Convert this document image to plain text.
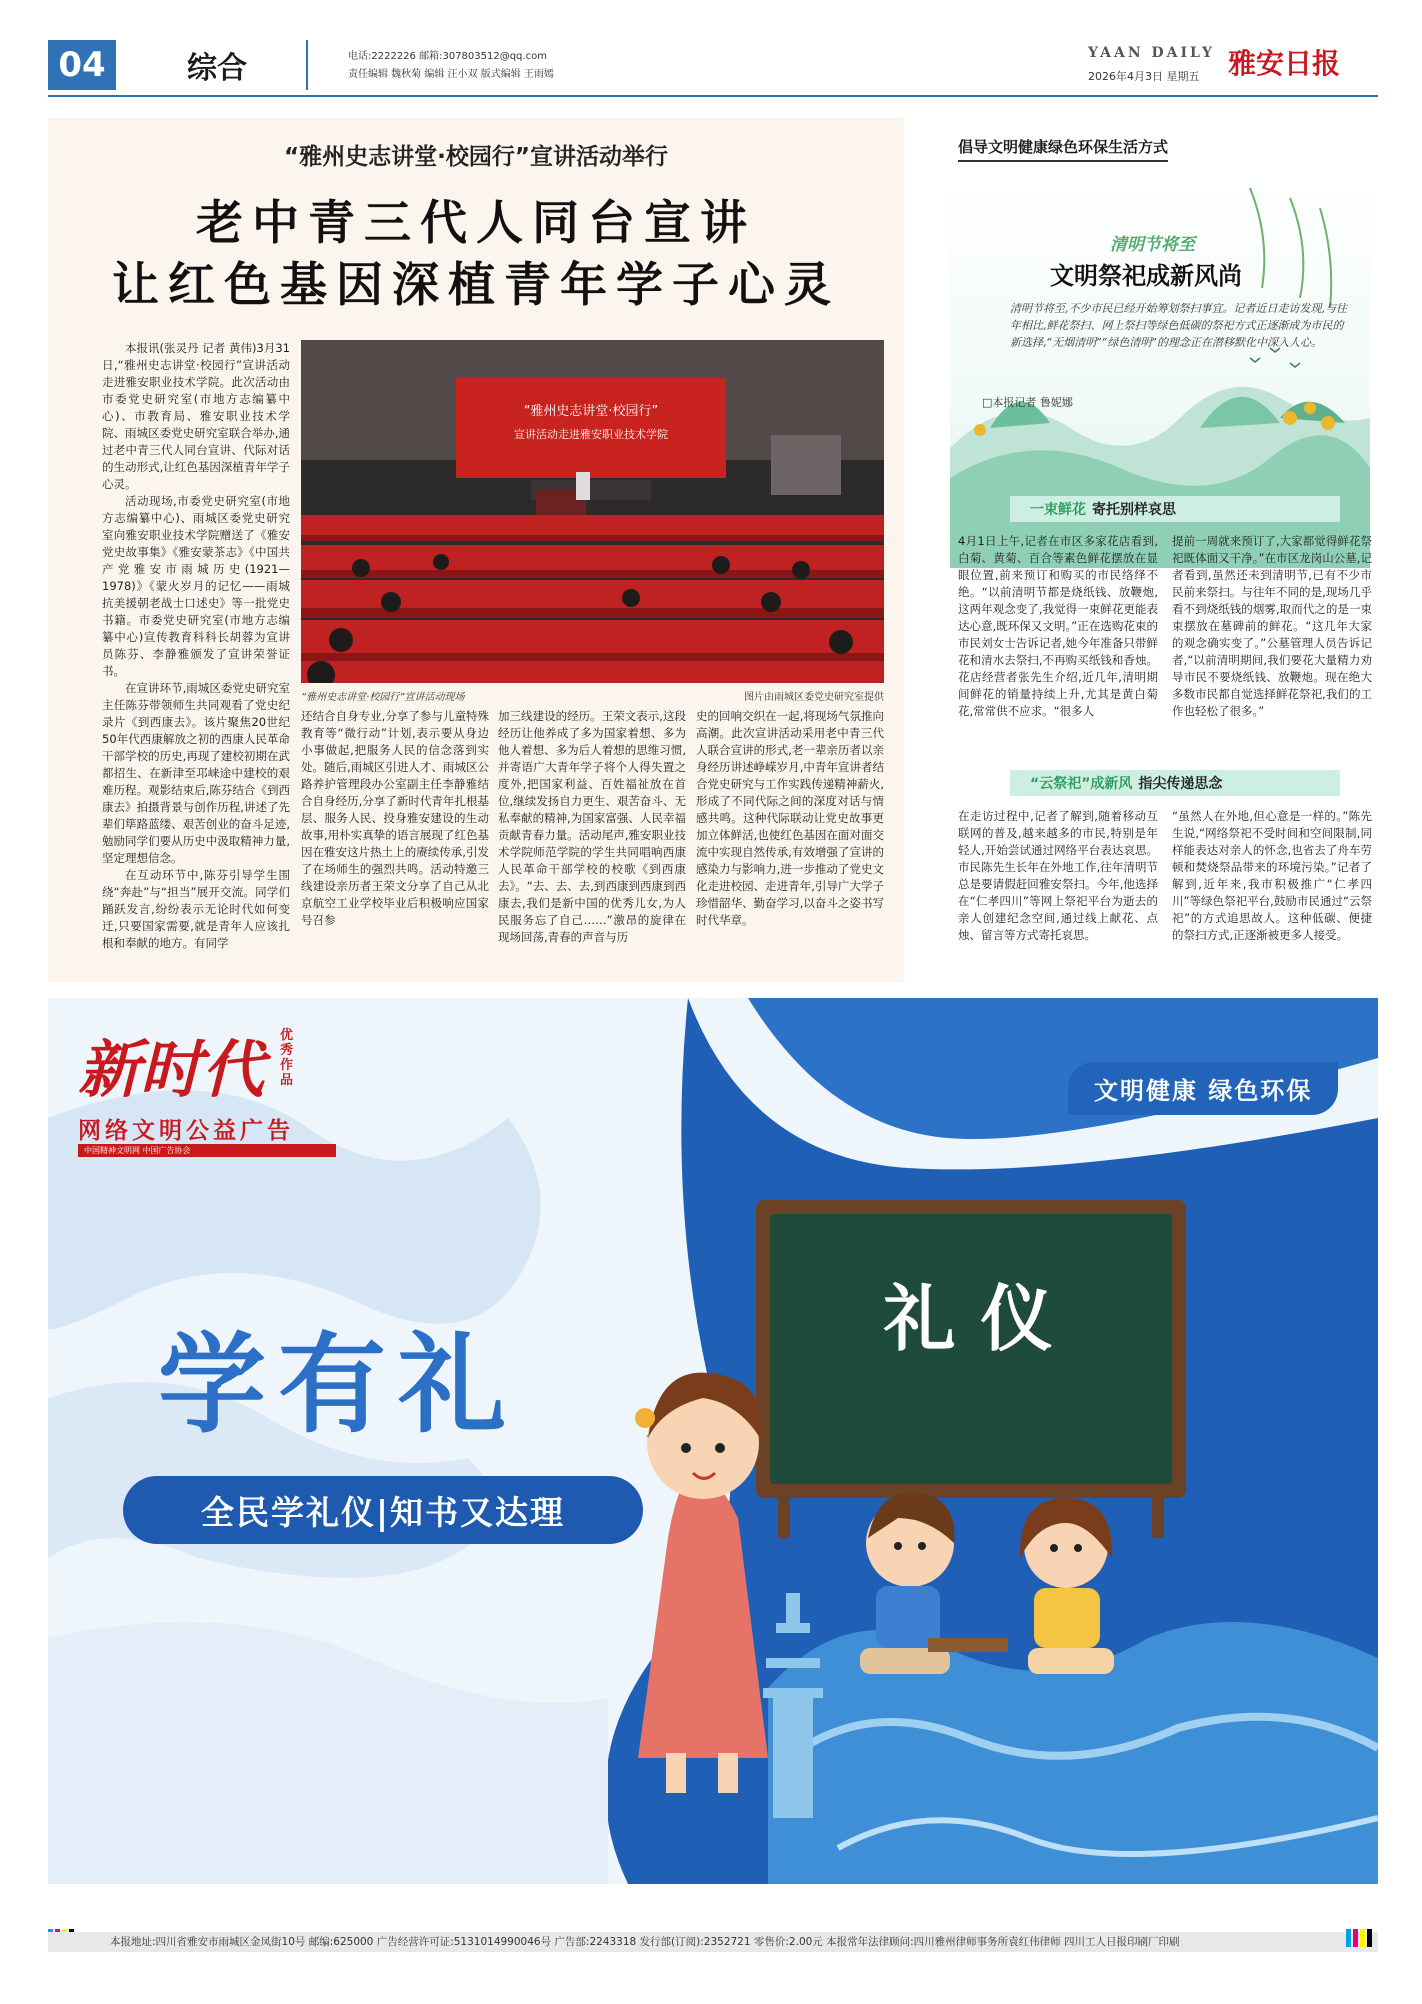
04	综合	电话:2222226 邮箱:307803512@qq.com
责任编辑 魏秋菊 编辑 汪小双 版式编辑 王雨嫣
YAAN DAILY
2026年4月3日 星期五 雅安日报
“雅州史志讲堂·校园行”宣讲活动举行
老中青三代人同台宣讲
让红色基因深植青年学子心灵
“雅州史志讲堂·校园行”
宣讲活动走进雅安职业技术学院
“雅州史志讲堂·校园行”宣讲活动现场	图片由雨城区委党史研究室提供

本报讯(张灵丹 记者 黄伟)3月31日,“雅州史志讲堂·校园行”宣讲活动走进雅安职业技术学院。此次活动由市委党史研究室(市地方志编纂中心)、市教育局、雅安职业技术学院、雨城区委党史研究室联合举办,通过老中青三代人同台宣讲、代际对话的生动形式,让红色基因深植青年学子心灵。

活动现场,市委党史研究室(市地方志编纂中心)、雨城区委党史研究室向雅安职业技术学院赠送了《雅安党史故事集》《雅安蒙茶志》《中国共产党雅安市雨城历史(1921—1978)》《蒙火岁月的记忆——雨城抗美援朝老战士口述史》等一批党史书籍。市委党史研究室(市地方志编纂中心)宣传教育科科长胡蓉为宣讲员陈芬、李静雅颁发了宣讲荣誉证书。

在宣讲环节,雨城区委党史研究室主任陈芬带领师生共同观看了党史纪录片《到西康去》。该片聚焦20世纪50年代西康解放之初的西康人民革命干部学校的历史,再现了建校初期在武都招生、在新津至邛崃途中建校的艰难历程。观影结束后,陈芬结合《到西康去》拍摄背景与创作历程,讲述了先辈们筚路蓝缕、艰苦创业的奋斗足迹,勉励同学们要从历史中汲取精神力量,坚定理想信念。

在互动环节中,陈芬引导学生围绕“奔赴”与“担当”展开交流。同学们踊跃发言,纷纷表示无论时代如何变迁,只要国家需要,就是青年人应该扎根和奉献的地方。有同学

还结合自身专业,分享了参与儿童特殊教育等“微行动”计划,表示要从身边小事做起,把服务人民的信念落到实处。随后,雨城区引进人才、雨城区公路养护管理段办公室副主任李静雅结合自身经历,分享了新时代青年扎根基层、服务人民、投身雅安建设的生动故事,用朴实真挚的语言展现了红色基因在雅安这片热土上的赓续传承,引发了在场师生的强烈共鸣。活动特邀三线建设亲历者王荣文分享了自己从北京航空工业学校毕业后积极响应国家号召参
加三线建设的经历。王荣文表示,这段经历让他养成了多为国家着想、多为他人着想、多为后人着想的思维习惯,并寄语广大青年学子将个人得失置之度外,把国家利益、百姓福祉放在首位,继续发扬自力更生、艰苦奋斗、无私奉献的精神,为国家富强、人民幸福贡献青春力量。活动尾声,雅安职业技术学院师范学院的学生共同唱响西康人民革命干部学校的校歌《到西康去》。“去、去、去,到西康到西康到西康去,我们是新中国的优秀儿女,为人民服务忘了自己……”激昂的旋律在现场回荡,青春的声音与历
史的回响交织在一起,将现场气氛推向高潮。此次宣讲活动采用老中青三代人联合宣讲的形式,老一辈亲历者以亲身经历讲述峥嵘岁月,中青年宣讲者结合党史研究与工作实践传递精神薪火,形成了不同代际之间的深度对话与情感共鸣。这种代际联动让党史故事更加立体鲜活,也使红色基因在面对面交流中实现自然传承,有效增强了宣讲的感染力与影响力,进一步推动了党史文化走进校园、走进青年,引导广大学子珍惜韶华、勤奋学习,以奋斗之姿书写时代华章。
倡导文明健康绿色环保生活方式
清明节将至
文明祭祀成新风尚
清明节将至,不少市民已经开始筹划祭扫事宜。记者近日走访发现,与往年相比,鲜花祭扫、网上祭扫等绿色低碳的祭祀方式正逐渐成为市民的新选择,“无烟清明”“绿色清明”的理念正在潜移默化中深入人心。
□本报记者 鲁妮娜
一束鲜花 寄托别样哀思
4月1日上午,记者在市区多家花店看到,白菊、黄菊、百合等素色鲜花摆放在显眼位置,前来预订和购买的市民络绎不绝。“以前清明节都是烧纸钱、放鞭炮,这两年观念变了,我觉得一束鲜花更能表达心意,既环保又文明。”正在选购花束的市民刘女士告诉记者,她今年准备只带鲜花和清水去祭扫,不再购买纸钱和香烛。花店经营者张先生介绍,近几年,清明期间鲜花的销量持续上升,尤其是黄白菊花,常常供不应求。“很多人
提前一周就来预订了,大家都觉得鲜花祭祀既体面又干净。”在市区龙岗山公墓,记者看到,虽然还未到清明节,已有不少市民前来祭扫。与往年不同的是,现场几乎看不到烧纸钱的烟雾,取而代之的是一束束摆放在墓碑前的鲜花。“这几年大家的观念确实变了。”公墓管理人员告诉记者,“以前清明期间,我们要花大量精力劝导市民不要烧纸钱、放鞭炮。现在绝大多数市民都自觉选择鲜花祭祀,我们的工作也轻松了很多。”
“云祭祀”成新风 指尖传递思念
在走访过程中,记者了解到,随着移动互联网的普及,越来越多的市民,特别是年轻人,开始尝试通过网络平台表达哀思。市民陈先生长年在外地工作,往年清明节总是要请假赶回雅安祭扫。今年,他选择在“仁孝四川”等网上祭祀平台为逝去的亲人创建纪念空间,通过线上献花、点烛、留言等方式寄托哀思。
“虽然人在外地,但心意是一样的。”陈先生说,“网络祭祀不受时间和空间限制,同样能表达对亲人的怀念,也省去了舟车劳顿和焚烧祭品带来的环境污染。”记者了解到,近年来,我市积极推广“仁孝四川”等绿色祭祀平台,鼓励市民通过“云祭祀”的方式追思故人。这种低碳、便捷的祭扫方式,正逐渐被更多人接受。
礼 仪
新时代 优秀作品
网络文明公益广告
中国精神文明网 中国广告协会
文明健康 绿色环保
学有礼
全民学礼仪|知书又达理
本报地址:四川省雅安市雨城区金凤街10号 邮编:625000 广告经营许可证:5131014990046号 广告部:2243318 发行部(订阅):2352721 零售价:2.00元 本报常年法律顾问:四川雅州律师事务所袁红伟律师 四川工人日报印刷厂印刷
